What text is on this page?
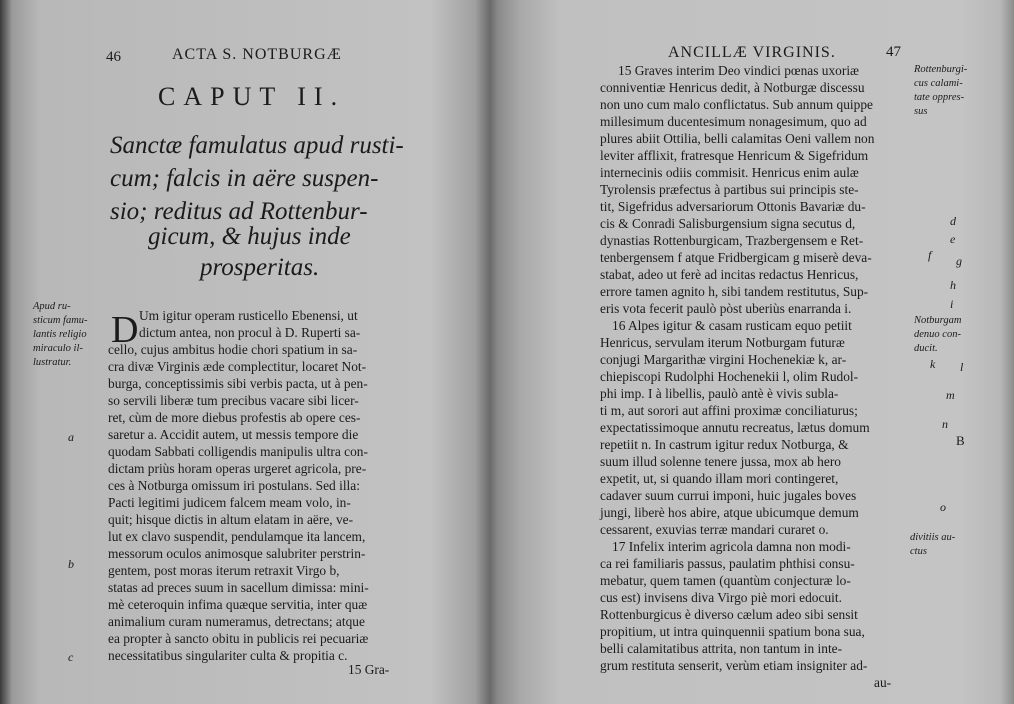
46	ACTA S. NOTBURGÆ
CAPUT II.
Sanctæ famulatus apud rusti-
cum; falcis in aëre suspen-
sio; reditus ad Rottenbur-
gicum, & hujus inde
prosperitas.
D
Apud ru-
sticum famu-
lantis religio
miraculo il-
lustratur.
a
b
c
Um igitur operam rusticello Ebenensi, ut
dictum antea, non procul à D. Ruperti sa-
cello, cujus ambitus hodie chori spatium in sa-
cra divæ Virginis æde complectitur, locaret Not-
burga, conceptissimis sibi verbis pacta, ut à pen-
so servili liberæ tum precibus vacare sibi licer-
ret, cùm de more diebus profestis ab opere ces-
saretur a. Accidit autem, ut messis tempore die
quodam Sabbati colligendis manipulis ultra con-
dictam priùs horam operas urgeret agricola, pre-
ces à Notburga omissum iri postulans. Sed illa:
Pacti legitimi judicem falcem meam volo, in-
quit; hisque dictis in altum elatam in aëre, ve-
lut ex clavo suspendit, pendulamque ita lancem,
messorum oculos animosque salubriter perstrin-
gentem, post moras iterum retraxit Virgo b,
statas ad preces suum in sacellum dimissa: mini-
mè ceteroquin infima quæque servitia, inter quæ
animalium curam numeramus, detrectans; atque
ea propter à sancto obitu in publicis rei pecuariæ
necessitatibus singulariter culta & propitia c.
15 Gra-
ANCILLÆ VIRGINIS.	47
15 Graves interim Deo vindici pœnas uxoriæ
conniventiæ Henricus dedit, à Notburgæ discessu
non uno cum malo conflictatus. Sub annum quippe
millesimum ducentesimum nonagesimum, quo ad
plures abiit Ottilia, belli calamitas Oeni vallem non
leviter afflixit, fratresque Henricum & Sigefridum
internecinis odiis commisit. Henricus enim aulæ
Tyrolensis præfectus à partibus sui principis ste-
tit, Sigefridus adversariorum Ottonis Bavariæ du-
cis & Conradi Salisburgensium signa secutus d,
dynastias Rottenburgicam, Trazbergensem e Ret-
tenbergensem f atque Fridbergicam g miserè deva-
stabat, adeo ut ferè ad incitas redactus Henricus,
errore tamen agnito h, sibi tandem restitutus, Sup-
eris vota fecerit paulò pòst uberiùs enarranda i.
16 Alpes igitur & casam rusticam equo petiit
Henricus, servulam iterum Notburgam futuræ
conjugi Margarithæ virgini Hochenekiæ k, ar-
chiepiscopi Rudolphi Hochenekii l, olim Rudol-
phi imp. I à libellis, paulò antè è vivis subla-
ti m, aut sorori aut affini proximæ conciliaturus;
expectatissimoque annutu recreatus, lætus domum
repetiit n. In castrum igitur redux Notburga, &
suum illud solenne tenere jussa, mox ab hero
expetit, ut, si quando illam mori contingeret,
cadaver suum currui imponi, huic jugales boves
jungi, liberè hos abire, atque ubicumque demum
cessarent, exuvias terræ mandari curaret o.
17 Infelix interim agricola damna non modi-
ca rei familiaris passus, paulatim phthisi consu-
mebatur, quem tamen (quantùm conjecturæ lo-
cus est) invisens diva Virgo piè mori edocuit.
Rottenburgicus è diverso cælum adeo sibi sensit
propitium, ut intra quinquennii spatium bona sua,
belli calamitatibus attrita, non tantum in inte-
grum restituta senserit, verùm etiam insigniter ad-
au-
Rottenburgi-
cus calami-
tate oppres-
sus
d
e
f g
h
i
Notburgam
denuo con-
ducit.
k l
m
n
B
o
divitiis au-
ctus
